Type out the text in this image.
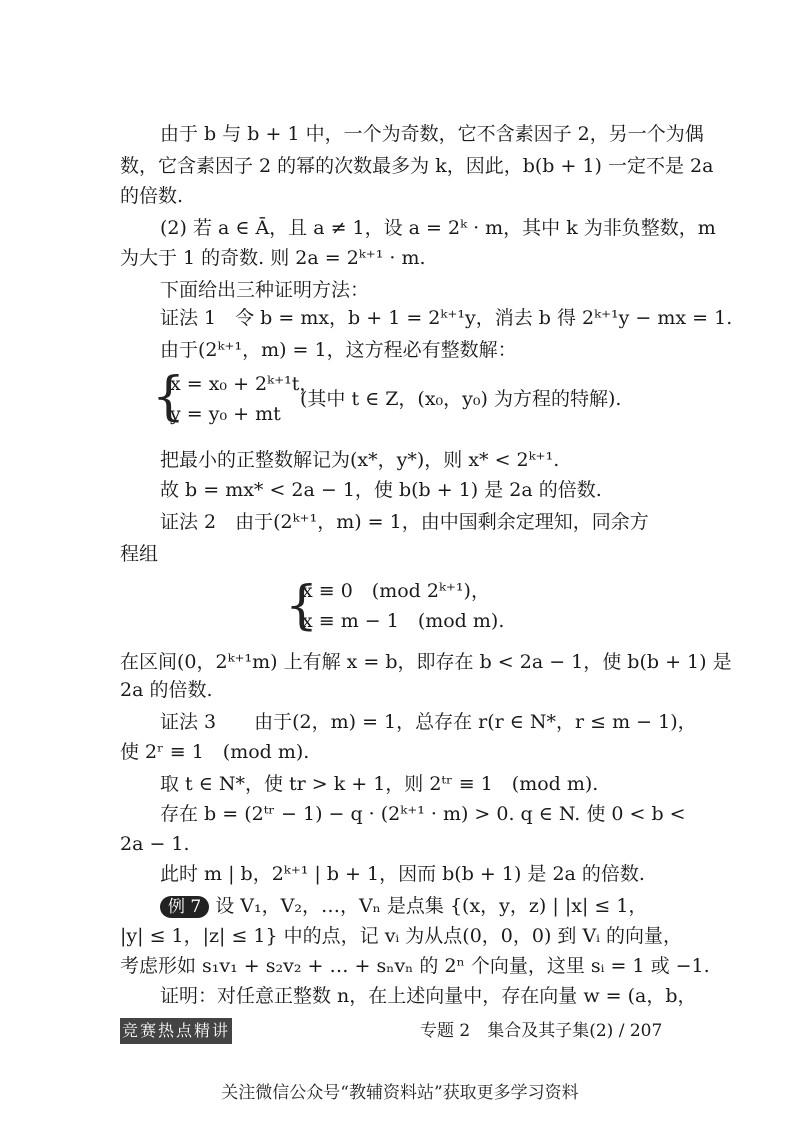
由于 b 与 b + 1 中，一个为奇数，它不含素因子 2，另一个为偶
数，它含素因子 2 的幂的次数最多为 k，因此，b(b + 1) 一定不是 2a
的倍数.
(2) 若 a ∈ Ā，且 a ≠ 1，设 a = 2ᵏ · m，其中 k 为非负整数，m
为大于 1 的奇数. 则 2a = 2ᵏ⁺¹ · m.
下面给出三种证明方法：
证法 1　令 b = mx，b + 1 = 2ᵏ⁺¹y，消去 b 得 2ᵏ⁺¹y − mx = 1.
由于(2ᵏ⁺¹，m) = 1，这方程必有整数解：
{
x = x₀ + 2ᵏ⁺¹t，
y = y₀ + mt
(其中 t ∈ Z，(x₀，y₀) 为方程的特解).
把最小的正整数解记为(x*，y*)，则 x* < 2ᵏ⁺¹.
故 b = mx* < 2a − 1，使 b(b + 1) 是 2a 的倍数.
证法 2　由于(2ᵏ⁺¹，m) = 1，由中国剩余定理知，同余方
程组
{
x ≡ 0　(mod 2ᵏ⁺¹)，
x ≡ m − 1　(mod m).
在区间(0，2ᵏ⁺¹m) 上有解 x = b，即存在 b < 2a − 1，使 b(b + 1) 是
2a 的倍数.
证法 3　　由于(2，m) = 1，总存在 r(r ∈ N*，r ≤ m − 1)，
使 2ʳ ≡ 1　(mod m).
取 t ∈ N*，使 tr > k + 1，则 2ᵗʳ ≡ 1　(mod m).
存在 b = (2ᵗʳ − 1) − q · (2ᵏ⁺¹ · m) > 0. q ∈ N. 使 0 < b <
2a − 1.
此时 m | b，2ᵏ⁺¹ | b + 1，因而 b(b + 1) 是 2a 的倍数.
例 7 设 V₁，V₂，…，Vₙ 是点集 {(x，y，z) | |x| ≤ 1，
|y| ≤ 1，|z| ≤ 1} 中的点，记 vᵢ 为从点(0，0，0) 到 Vᵢ 的向量，
考虑形如 s₁v₁ + s₂v₂ + … + sₙvₙ 的 2ⁿ 个向量，这里 sᵢ = 1 或 −1.
证明：对任意正整数 n，在上述向量中，存在向量 w = (a，b，
竞赛热点精讲	专题 2　集合及其子集(2) / 207
关注微信公众号“教辅资料站”获取更多学习资料
